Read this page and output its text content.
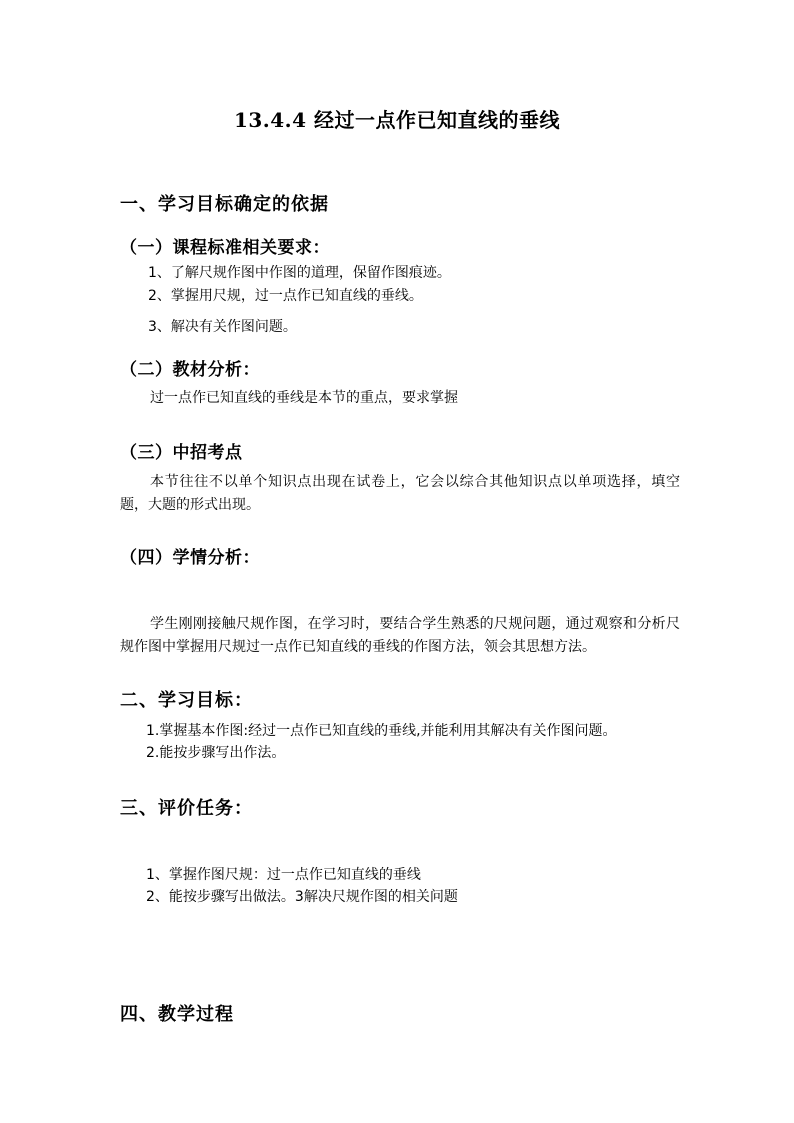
13.4.4 经过一点作已知直线的垂线
一、学习目标确定的依据
（一）课程标准相关要求：
1、了解尺规作图中作图的道理，保留作图痕迹。
2、掌握用尺规，过一点作已知直线的垂线。
3、解决有关作图问题。
（二）教材分析：
过一点作已知直线的垂线是本节的重点，要求掌握
（三）中招考点
本节往往不以单个知识点出现在试卷上，它会以综合其他知识点以单项选择，填空题，大题的形式出现。
（四）学情分析：
学生刚刚接触尺规作图，在学习时，要结合学生熟悉的尺规问题，通过观察和分析尺规作图中掌握用尺规过一点作已知直线的垂线的作图方法，领会其思想方法。
二、学习目标：
1.掌握基本作图:经过一点作已知直线的垂线,并能利用其解决有关作图问题。
2.能按步骤写出作法。
三、评价任务：
1、掌握作图尺规：过一点作已知直线的垂线
2、能按步骤写出做法。3解决尺规作图的相关问题
四、教学过程
